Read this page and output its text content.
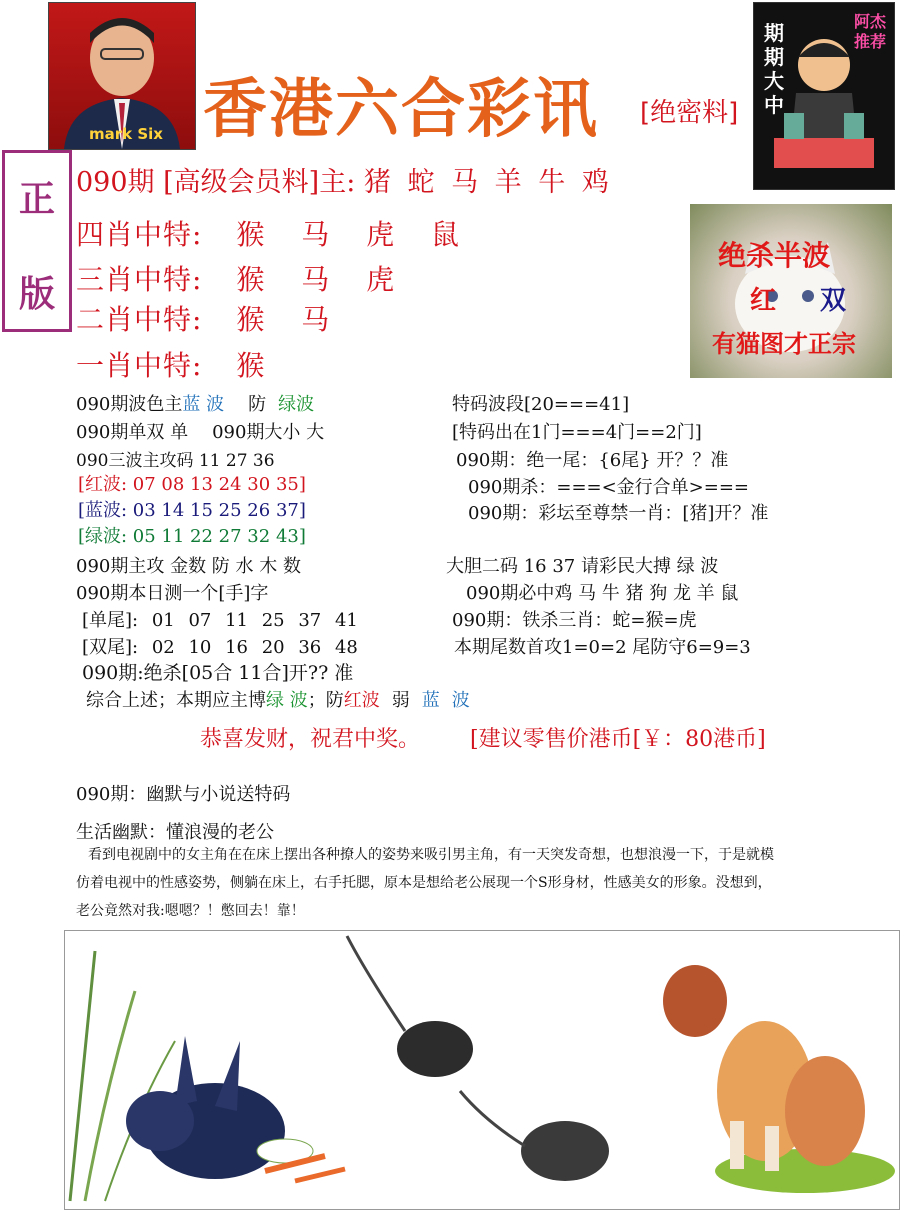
mark Six 香港六合彩讯 [绝密料]
期
期
大
中
阿杰
推荐
正
版
090期 [高级会员料]主: 猪 蛇 马 羊 牛 鸡
四肖中特: 猴 马 虎 鼠
三肖中特: 猴 马 虎
二肖中特: 猴 马
一肖中特: 猴
绝杀半波
红 双
有猫图才正宗
090期波色主蓝 波 防 绿波
090期单双 单 090期大小 大
090三波主攻码 11 27 36
[红波: 07 08 13 24 30 35]
[蓝波: 03 14 15 25 26 37]
[绿波: 05 11 22 27 32 43]
090期主攻 金数 防 水 木 数
090期本日测一个[手]字
[单尾]: 01 07 11 25 37 41
[双尾]: 02 10 16 20 36 48
090期:绝杀[05合 11合]开?? 准
综合上述；本期应主博绿 波；防红波 弱 蓝 波
特码波段[20===41]
[特码出在1门===4门==2门]
090期：绝一尾：{6尾} 开？？准
090期杀：===<金行合单>===
090期：彩坛至尊禁一肖：[猪]开？准
大胆二码 16 37 请彩民大搏 绿 波
090期必中鸡 马 牛 猪 狗 龙 羊 鼠
090期：铁杀三肖：蛇=猴=虎
本期尾数首攻1=0=2 尾防守6=9=3
恭喜发财，祝君中奖。 [建议零售价港币[￥：80港币]
090期：幽默与小说送特码
生活幽默：懂浪漫的老公
看到电视剧中的女主角在在床上摆出各种撩人的姿势来吸引男主角，有一天突发奇想，也想浪漫一下，于是就模
仿着电视中的性感姿势，侧躺在床上，右手托腮，原本是想给老公展现一个S形身材，性感美女的形象。没想到，
老公竟然对我:嗯嗯？！憋回去！靠！
